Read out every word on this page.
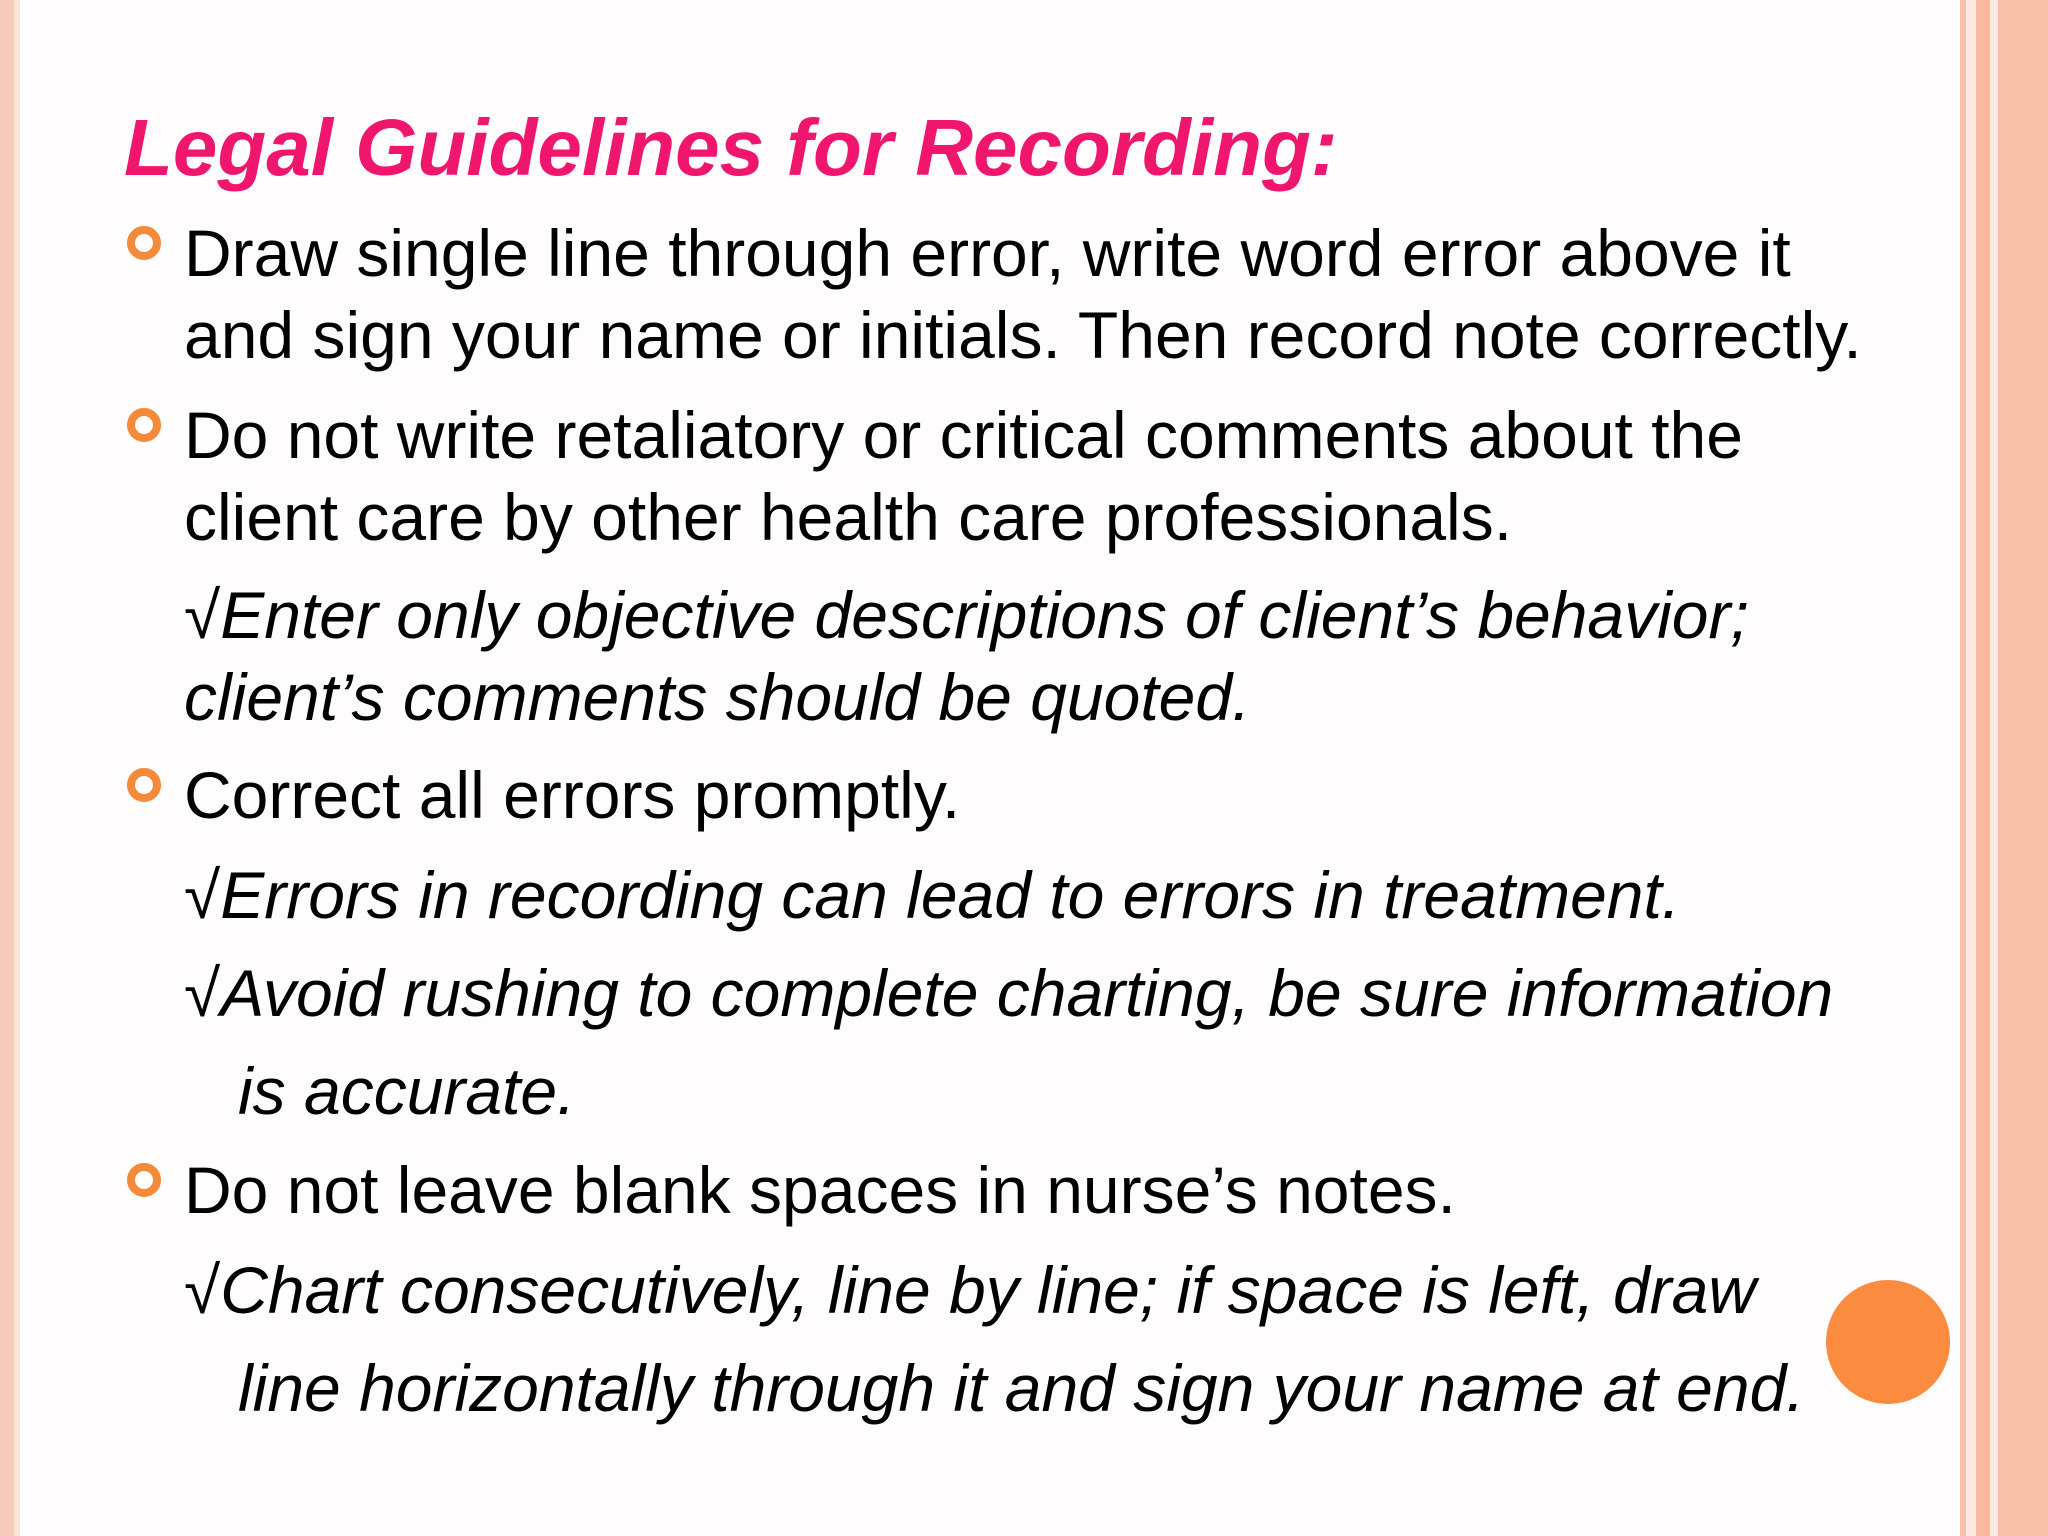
Legal Guidelines for Recording:
Draw single line through error, write word error above it
and sign your name or initials. Then record note correctly.
Do not write retaliatory or critical comments about the
client care by other health care professionals.
√Enter only objective descriptions of client’s behavior;
client’s comments should be quoted.
Correct all errors promptly.
√Errors in recording can lead to errors in treatment.
√Avoid rushing to complete charting, be sure information
is accurate.
Do not leave blank spaces in nurse’s notes.
√Chart consecutively, line by line; if space is left, draw
line horizontally through it and sign your name at end.
